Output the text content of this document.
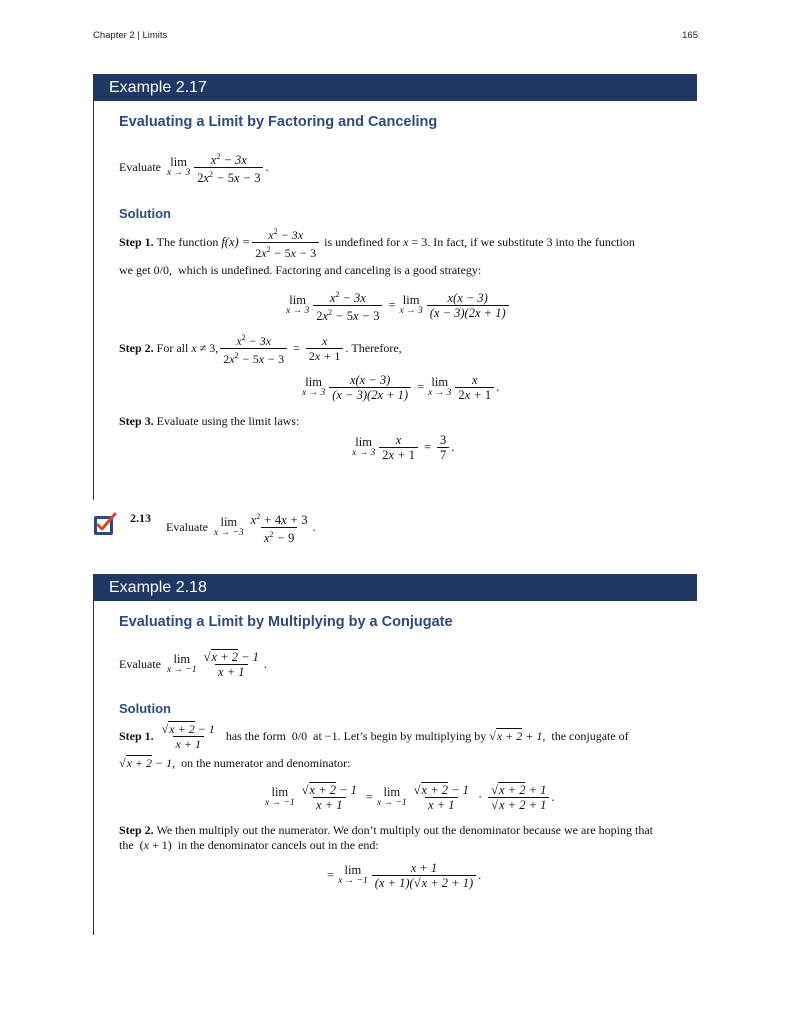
Chapter 2 | Limits	165
Example 2.17
Evaluating a Limit by Factoring and Canceling
Evaluate lim
$x \to 3 \frac{x^2 - 3x}{2x^2 - 5x - 3}$ .
Solution
Step 1.
The function
$f(x) = \frac{x^2 - 3x}{2x^2 - 5x - 3}$
is undefined for
x = 3. In fact, if we substitute 3 into the function
we get 0/0,  which is undefined. Factoring and canceling is a good strategy:
lim
$x \to 3 \frac{x^2 - 3x}{2x^2 - 5x - 3} = \lim$
$x \to 3 \frac{x(x - 3)}{(x - 3)(2x + 1)}$
Step 2.
For all
x ≠ 3, $\frac{x^2 - 3x}{2x^2 - 5x - 3} = \frac{x}{2x + 1}$ . Therefore,
lim
$x \to 3 \frac{x(x - 3)}{(x - 3)(2x + 1)} = \lim$
$x \to 3 \frac{x}{2x + 1}$ .
Step 3. Evaluate using the limit laws:
lim
$x \to 3 \frac{x}{2x + 1} = \frac{3}{7}$ .
2.13
Evaluate lim
$x \to -3 \frac{x^2 + 4x + 3}{x^2 - 9}$ .
Example 2.18
Evaluating a Limit by Multiplying by a Conjugate
Evaluate lim
$x \to -1 \frac{√x + 2 - 1}{x + 1}$ .
Solution
Step 1.
$\frac{√x + 2 - 1}{x + 1}$
has the form 0/0 at −1. Let’s begin by multiplying by
√x + 2 + 1,
the conjugate of
√x + 2 − 1, on the numerator and denominator:
lim
$x \to -1 \frac{√x + 2 - 1}{x + 1} = \lim$
$x \to -1 \frac{√x + 2 - 1}{x + 1} \cdot \frac{√x + 2 + 1}{√x + 2 + 1}$ .
Step 2. We then multiply out the numerator. We don’t multiply out the denominator because we are hoping that
the  (x + 1)  in the denominator cancels out in the end:
= lim
$x \to -1 \frac{x + 1}{(x + 1)(√x + 2 + 1)}$ .
